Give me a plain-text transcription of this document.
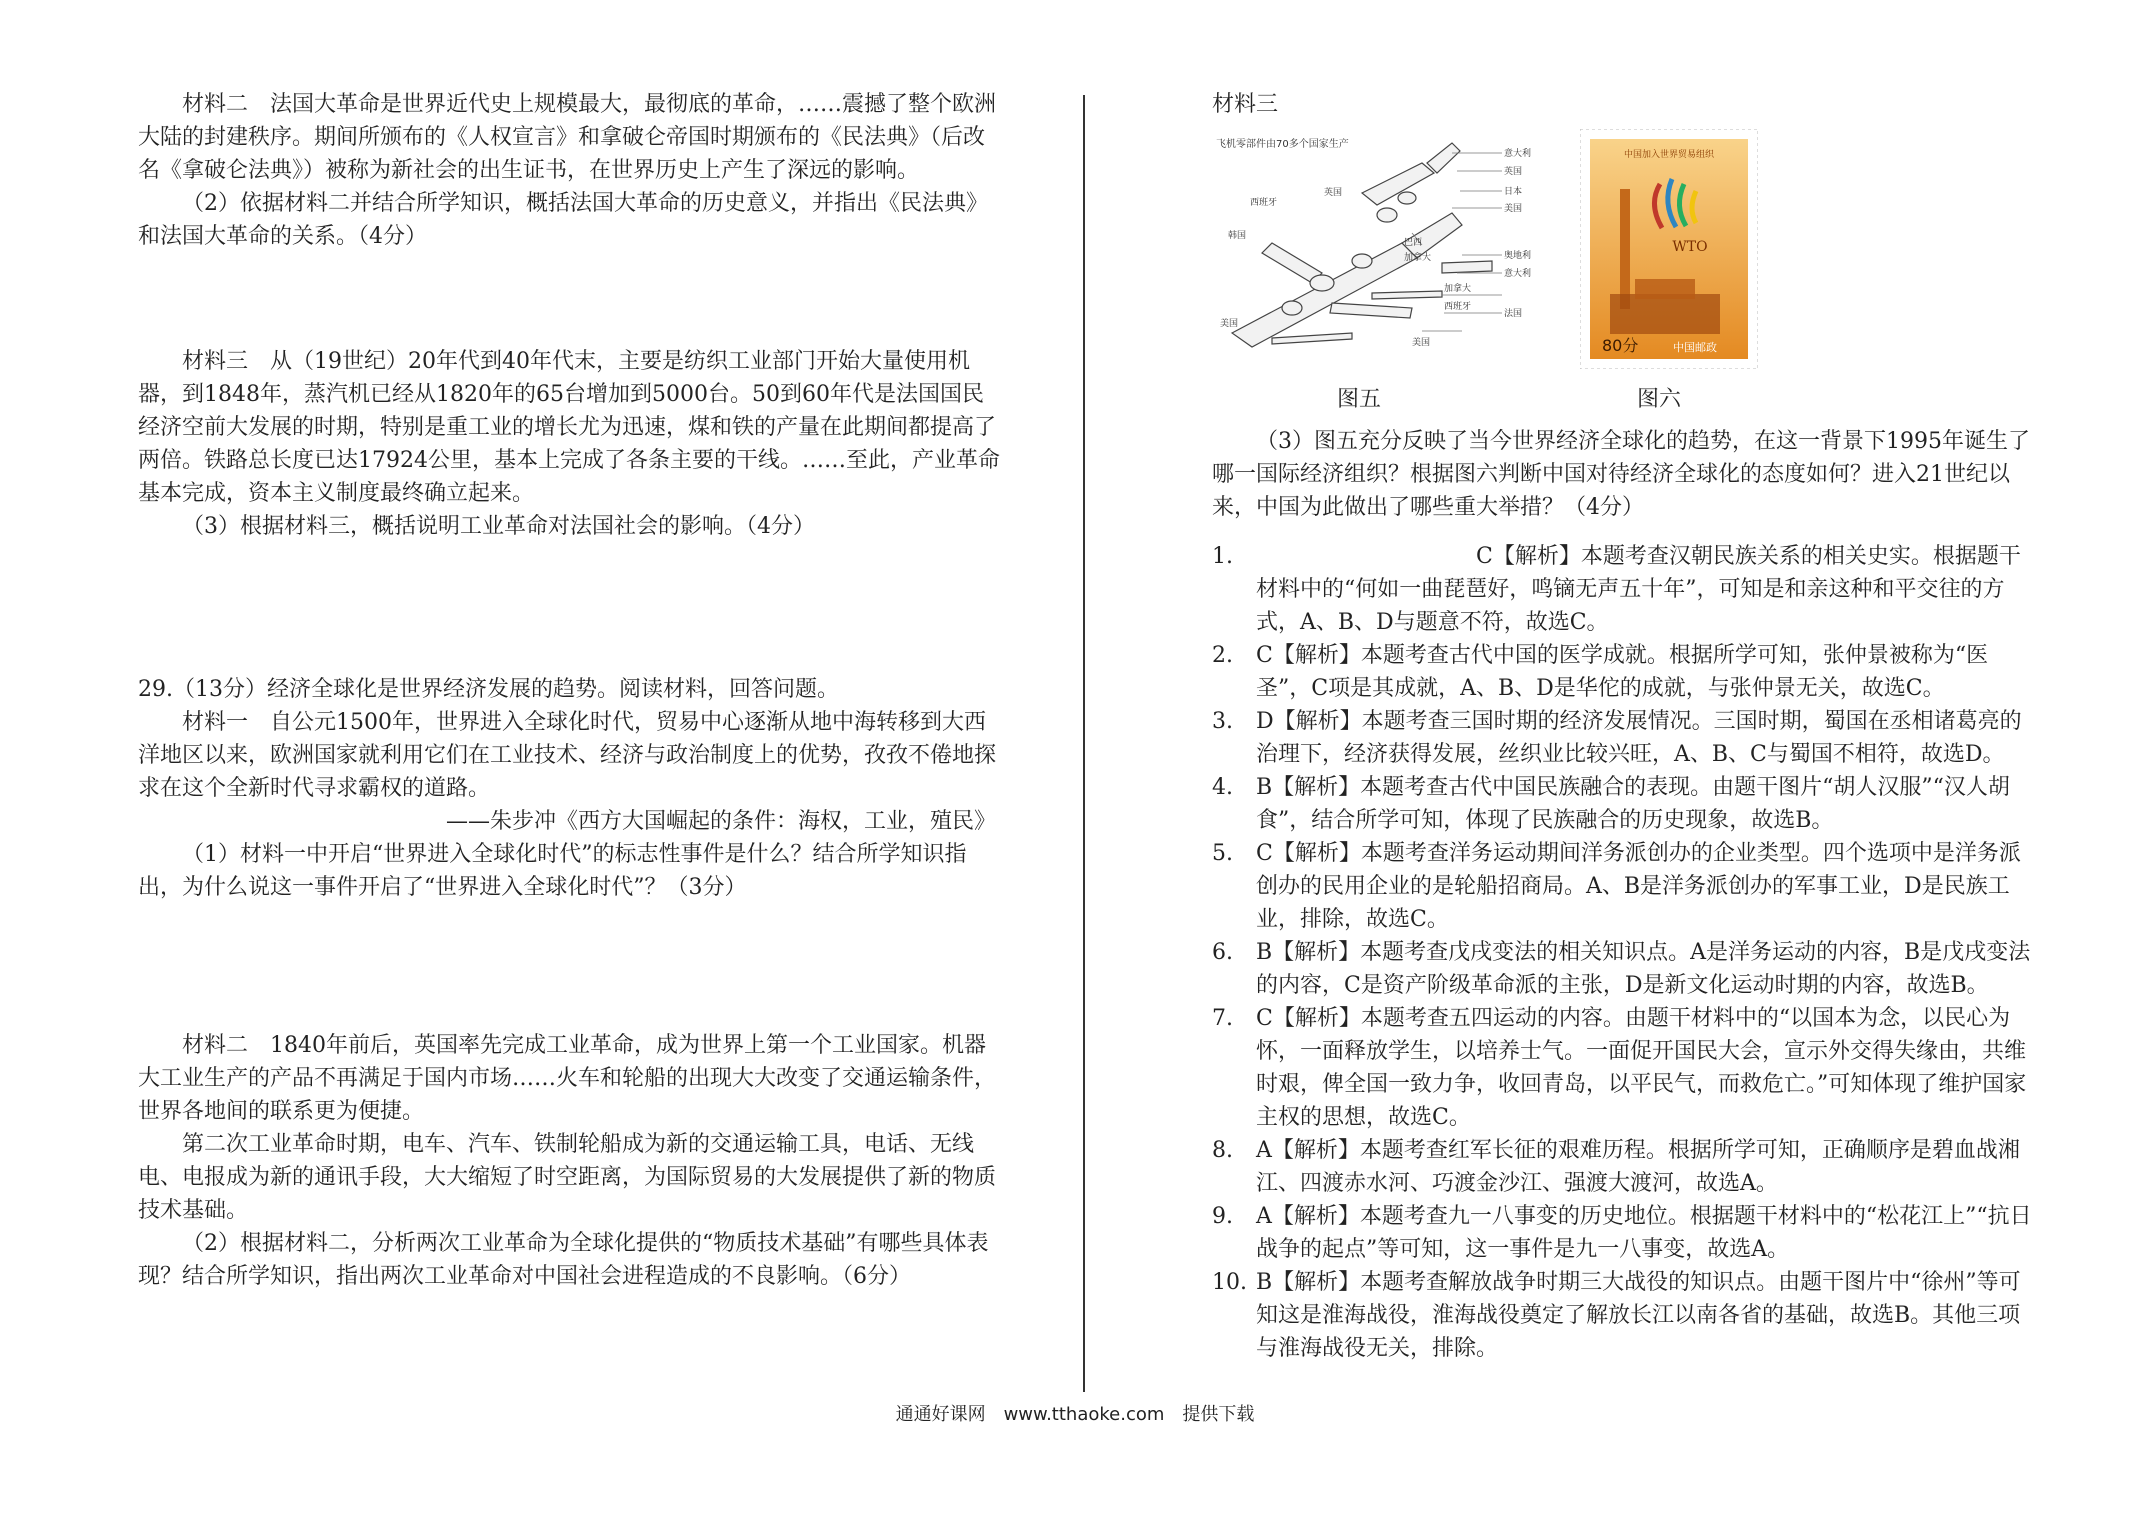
材料二　法国大革命是世界近代史上规模最大，最彻底的革命，……震撼了整个欧洲大陆的封建秩序。期间所颁布的《人权宣言》和拿破仑帝国时期颁布的《民法典》（后改名《拿破仑法典》）被称为新社会的出生证书，在世界历史上产生了深远的影响。

（2）依据材料二并结合所学知识，概括法国大革命的历史意义，并指出《民法典》和法国大革命的关系。（4分）

材料三　从（19世纪）20年代到40年代末，主要是纺织工业部门开始大量使用机器，到1848年，蒸汽机已经从1820年的65台增加到5000台。50到60年代是法国国民经济空前大发展的时期，特别是重工业的增长尤为迅速，煤和铁的产量在此期间都提高了两倍。铁路总长度已达17924公里，基本上完成了各条主要的干线。……至此，产业革命基本完成，资本主义制度最终确立起来。

（3）根据材料三，概括说明工业革命对法国社会的影响。（4分）

29.（13分）经济全球化是世界经济发展的趋势。阅读材料，回答问题。

材料一　自公元1500年，世界进入全球化时代，贸易中心逐渐从地中海转移到大西洋地区以来，欧洲国家就利用它们在工业技术、经济与政治制度上的优势，孜孜不倦地探求在这个全新时代寻求霸权的道路。

——朱步冲《西方大国崛起的条件：海权，工业，殖民》

（1）材料一中开启“世界进入全球化时代”的标志性事件是什么？结合所学知识指出，为什么说这一事件开启了“世界进入全球化时代”？（3分）

材料二　1840年前后，英国率先完成工业革命，成为世界上第一个工业国家。机器大工业生产的产品不再满足于国内市场……火车和轮船的出现大大改变了交通运输条件，世界各地间的联系更为便捷。

第二次工业革命时期，电车、汽车、铁制轮船成为新的交通运输工具，电话、无线电、电报成为新的通讯手段，大大缩短了时空距离，为国际贸易的大发展提供了新的物质技术基础。

（2）根据材料二，分析两次工业革命为全球化提供的“物质技术基础”有哪些具体表现？结合所学知识，指出两次工业革命对中国社会进程造成的不良影响。（6分）

材料三

飞机零部件由70多个国家生产
意大利
英国
日本
美国
西班牙
英国
韩国
巴西
加拿大	奥地利
意大利
加拿大
西班牙
法国
美国
美国
中国加入世界贸易组织
WTO
80分	中国邮政
图五	图六

（3）图五充分反映了当今世界经济全球化的趋势，在这一背景下1995年诞生了哪一国际经济组织？根据图六判断中国对待经济全球化的态度如何？进入21世纪以来，中国为此做出了哪些重大举措？（4分）

1.	C【解析】本题考查汉朝民族关系的相关史实。根据题干材料中的“何如一曲琵琶好，鸣镝无声五十年”，可知是和亲这种和平交往的方式，A、B、D与题意不符，故选C。
2.	C【解析】本题考查古代中国的医学成就。根据所学可知，张仲景被称为“医圣”，C项是其成就，A、B、D是华佗的成就，与张仲景无关，故选C。
3.	D【解析】本题考查三国时期的经济发展情况。三国时期，蜀国在丞相诸葛亮的治理下，经济获得发展，丝织业比较兴旺，A、B、C与蜀国不相符，故选D。
4.	B【解析】本题考查古代中国民族融合的表现。由题干图片“胡人汉服”“汉人胡食”，结合所学可知，体现了民族融合的历史现象，故选B。
5.	C【解析】本题考查洋务运动期间洋务派创办的企业类型。四个选项中是洋务派创办的民用企业的是轮船招商局。A、B是洋务派创办的军事工业，D是民族工业，排除，故选C。
6.	B【解析】本题考查戊戌变法的相关知识点。A是洋务运动的内容，B是戊戌变法的内容，C是资产阶级革命派的主张，D是新文化运动时期的内容，故选B。
7.	C【解析】本题考查五四运动的内容。由题干材料中的“以国本为念，以民心为怀，一面释放学生，以培养士气。一面促开国民大会，宣示外交得失缘由，共维时艰，俾全国一致力争，收回青岛，以平民气，而救危亡。”可知体现了维护国家主权的思想，故选C。
8.	A【解析】本题考查红军长征的艰难历程。根据所学可知，正确顺序是碧血战湘江、四渡赤水河、巧渡金沙江、强渡大渡河，故选A。
9.	A【解析】本题考查九一八事变的历史地位。根据题干材料中的“松花江上”“抗日战争的起点”等可知，这一事件是九一八事变，故选A。
10. B【解析】本题考查解放战争时期三大战役的知识点。由题干图片中“徐州”等可知这是淮海战役，淮海战役奠定了解放长江以南各省的基础，故选B。其他三项与淮海战役无关，排除。
通通好课网　www.tthaoke.com　提供下载
